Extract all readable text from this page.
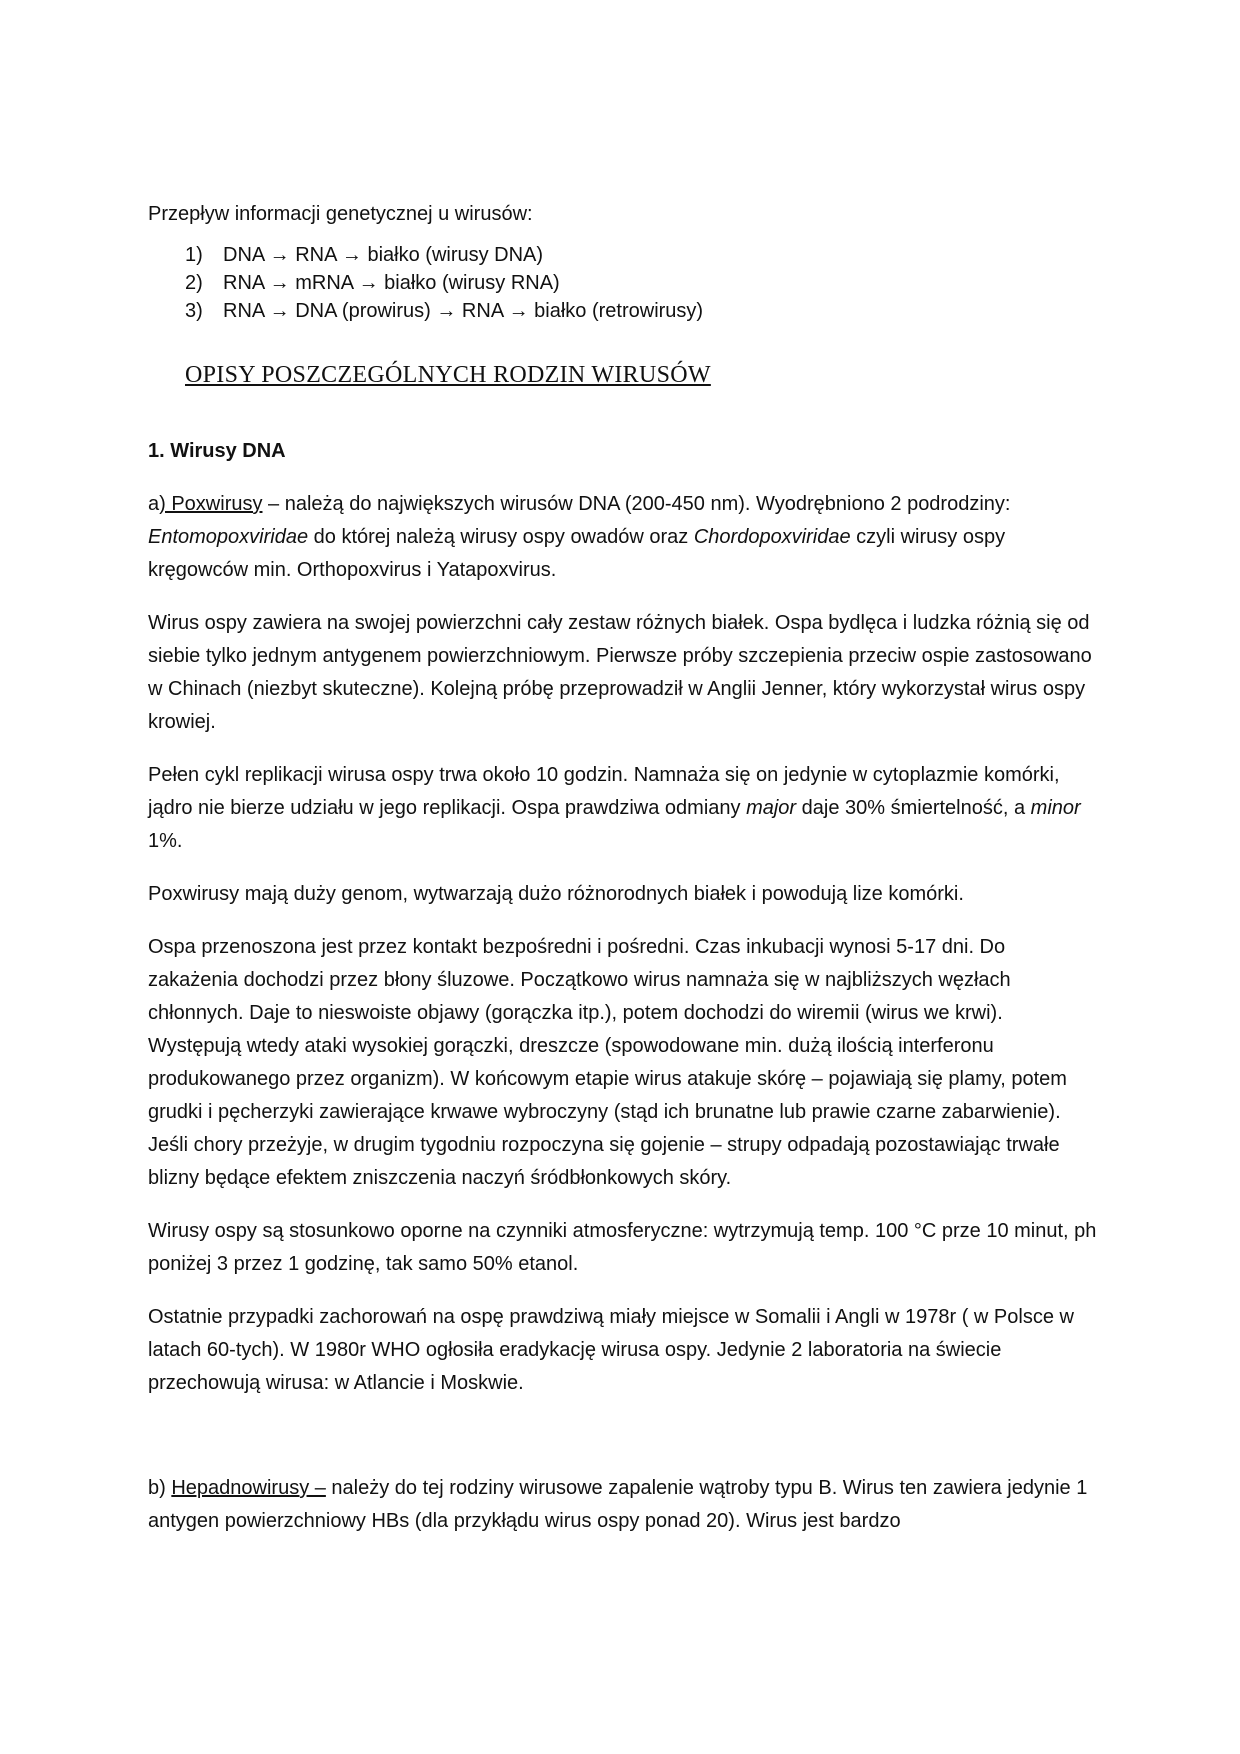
Przepływ informacji genetycznej u wirusów:

1) DNA → RNA → białko (wirusy DNA)
2) RNA → mRNA → białko (wirusy RNA)
3) RNA → DNA (prowirus) → RNA → białko (retrowirusy)
OPISY POSZCZEGÓLNYCH RODZIN WIRUSÓW
1. Wirusy DNA

a) Poxwirusy – należą do największych wirusów DNA (200-450 nm). Wyodrębniono 2 podrodziny: Entomopoxviridae do której należą wirusy ospy owadów oraz Chordopoxviridae czyli wirusy ospy kręgowców min. Orthopoxvirus i Yatapoxvirus.

Wirus ospy zawiera na swojej powierzchni cały zestaw różnych białek. Ospa bydlęca i ludzka różnią się od siebie tylko jednym antygenem powierzchniowym. Pierwsze próby szczepienia przeciw ospie zastosowano w Chinach (niezbyt skuteczne). Kolejną próbę przeprowadził w Anglii Jenner, który wykorzystał wirus ospy krowiej.

Pełen cykl replikacji wirusa ospy trwa około 10 godzin. Namnaża się on jedynie w cytoplazmie komórki, jądro nie bierze udziału w jego replikacji. Ospa prawdziwa odmiany major daje 30% śmiertelność, a minor 1%.

Poxwirusy mają duży genom, wytwarzają dużo różnorodnych białek i powodują lize komórki.

Ospa przenoszona jest przez kontakt bezpośredni i pośredni. Czas inkubacji wynosi 5-17 dni. Do zakażenia dochodzi przez błony śluzowe. Początkowo wirus namnaża się w najbliższych węzłach chłonnych. Daje to nieswoiste objawy (gorączka itp.), potem dochodzi do wiremii (wirus we krwi). Występują wtedy ataki wysokiej gorączki, dreszcze (spowodowane min. dużą ilością interferonu produkowanego przez organizm). W końcowym etapie wirus atakuje skórę – pojawiają się plamy, potem grudki i pęcherzyki zawierające krwawe wybroczyny (stąd ich brunatne lub prawie czarne zabarwienie). Jeśli chory przeżyje, w drugim tygodniu rozpoczyna się gojenie – strupy odpadają pozostawiając trwałe blizny będące efektem zniszczenia naczyń śródbłonkowych skóry.

Wirusy ospy są stosunkowo oporne na czynniki atmosferyczne: wytrzymują temp. 100 °C prze 10 minut, ph poniżej 3 przez 1 godzinę, tak samo 50% etanol.

Ostatnie przypadki zachorowań na ospę prawdziwą miały miejsce w Somalii i Angli w 1978r ( w Polsce w latach 60-tych). W 1980r WHO ogłosiła eradykację wirusa ospy. Jedynie 2 laboratoria na świecie przechowują wirusa: w Atlancie i Moskwie.

b) Hepadnowirusy – należy do tej rodziny wirusowe zapalenie wątroby typu B. Wirus ten zawiera jedynie 1 antygen powierzchniowy HBs (dla przykłądu wirus ospy ponad 20). Wirus jest bardzo
